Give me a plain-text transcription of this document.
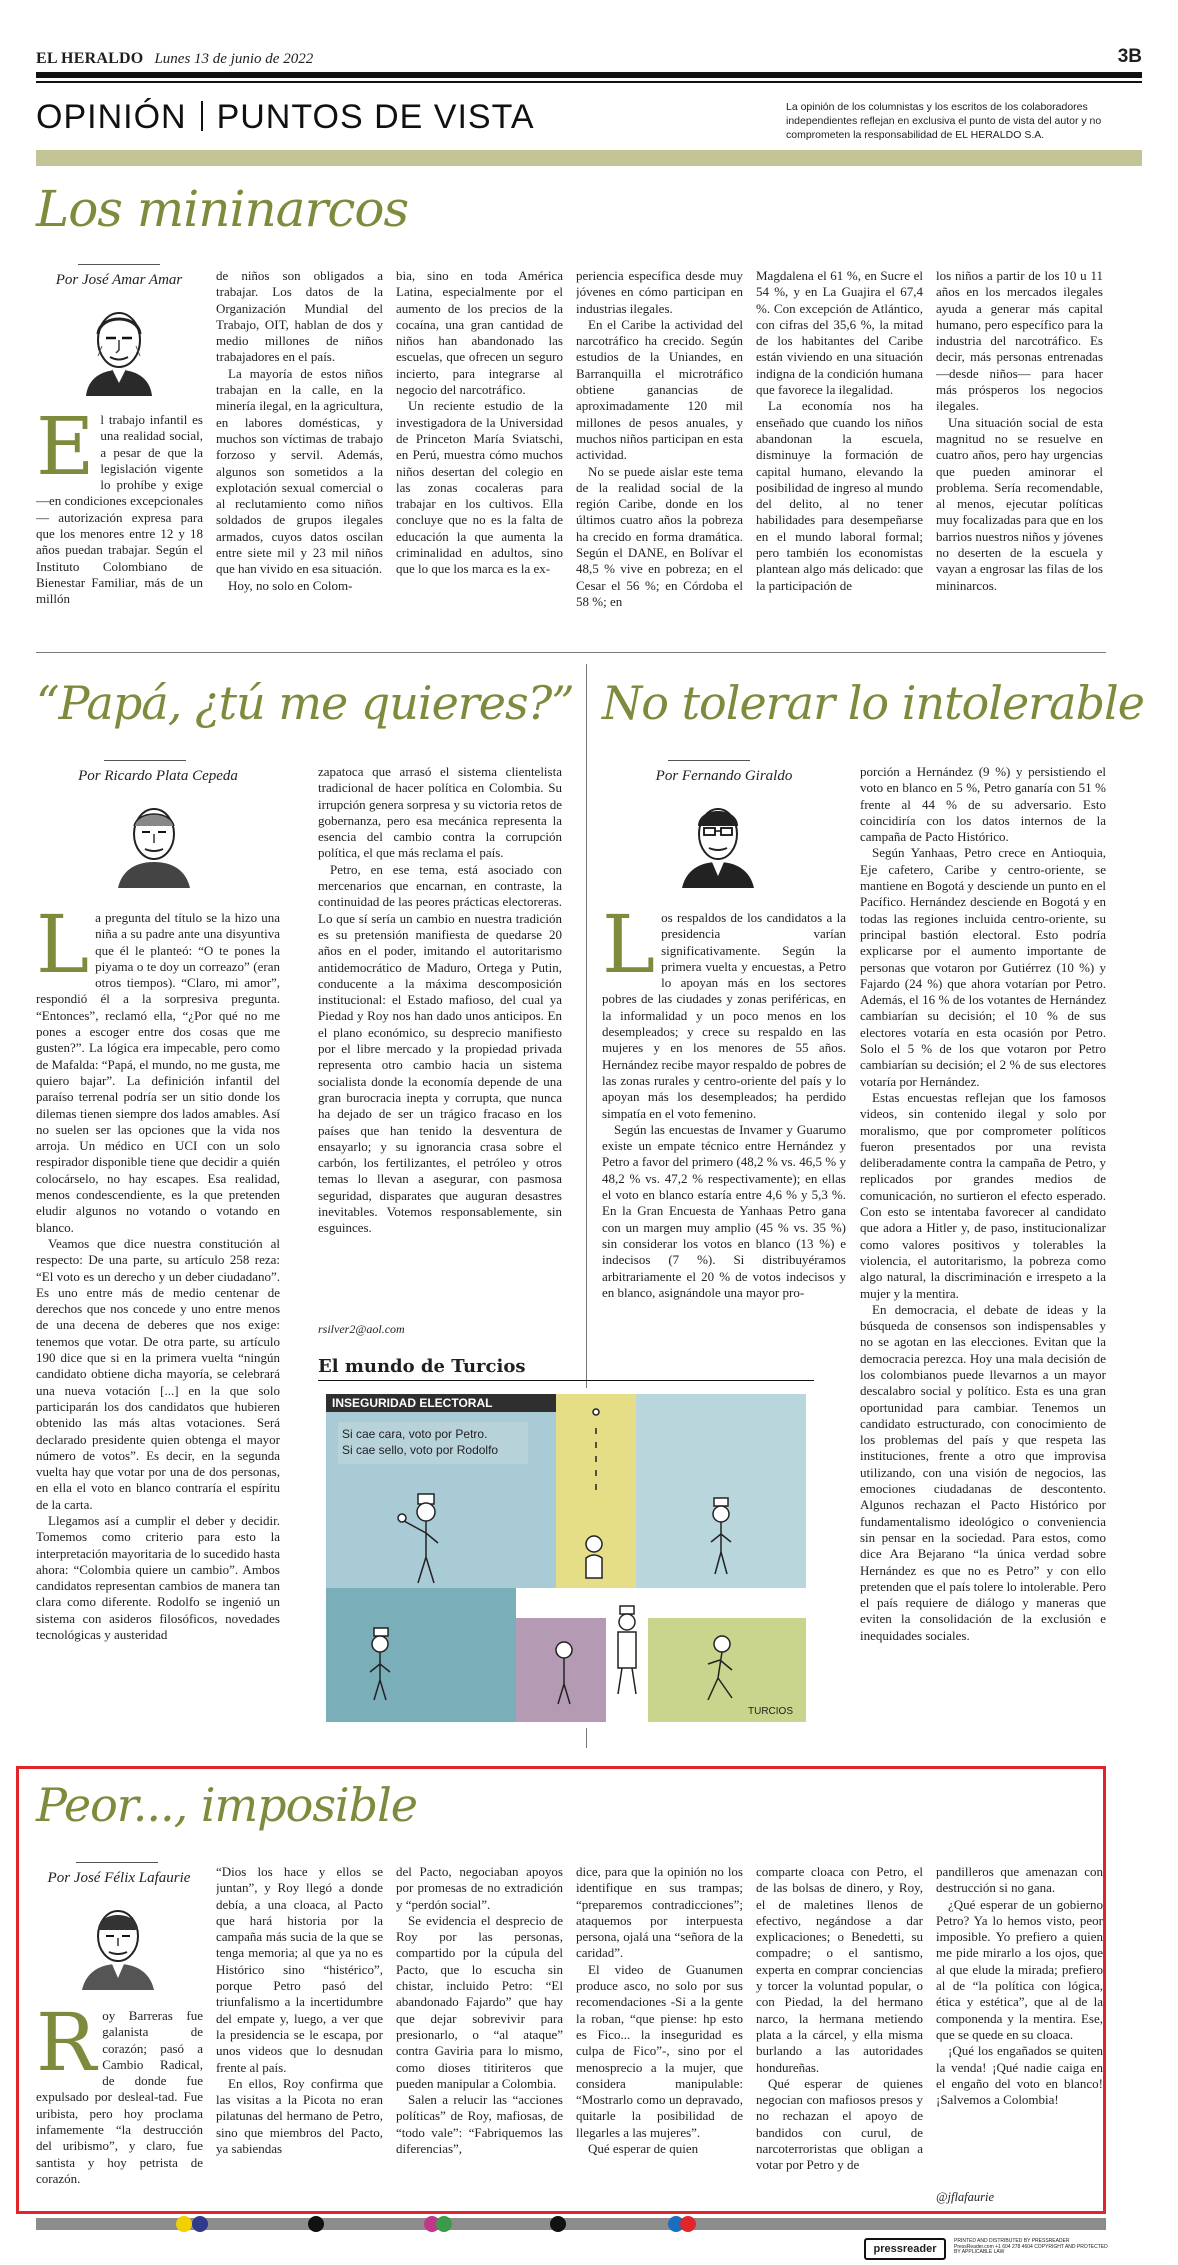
EL HERALDO Lunes 13 de junio de 2022	3B
OPINIÓN PUNTOS DE VISTA	La opinión de los columnistas y los escritos de los colaboradores independientes reflejan en exclusiva el punto de vista del autor y no comprometen la responsabilidad de EL HERALDO S.A.
Los mininarcos
Por José Amar Amar
El trabajo infantil es una realidad social, a pesar de que la legislación vigente lo prohíbe y exige —en condiciones excepcionales— autorización expresa para que los menores entre 12 y 18 años puedan trabajar. Según el Instituto Colombiano de Bienestar Familiar, más de un millón

de niños son obligados a trabajar. Los datos de la Organización Mundial del Trabajo, OIT, hablan de dos y medio millones de niños trabajadores en el país.

La mayoría de estos niños trabajan en la calle, en la minería ilegal, en la agricultura, en labores domésticas, y muchos son víctimas de trabajo forzoso y servil. Además, algunos son sometidos a la explotación sexual comercial o al reclutamiento como niños soldados de grupos ilegales armados, cuyos datos oscilan entre siete mil y 23 mil niños que han vivido en esa situación.

Hoy, no solo en Colom-

bia, sino en toda América Latina, especialmente por el aumento de los precios de la cocaína, una gran cantidad de niños han abandonado las escuelas, que ofrecen un seguro incierto, para integrarse al negocio del narcotráfico.

Un reciente estudio de la investigadora de la Universidad de Princeton María Sviatschi, en Perú, muestra cómo muchos niños desertan del colegio en las zonas cocaleras para trabajar en los cultivos. Ella concluye que no es la falta de educación la que aumenta la criminalidad en adultos, sino que lo que los marca es la ex-

periencia específica desde muy jóvenes en cómo participan en industrias ilegales.

En el Caribe la actividad del narcotráfico ha crecido. Según estudios de la Uniandes, en Barranquilla el microtráfico obtiene ganancias de aproximadamente 120 mil millones de pesos anuales, y muchos niños participan en esta actividad.

No se puede aislar este tema de la realidad social de la región Caribe, donde en los últimos cuatro años la pobreza ha crecido en forma dramática. Según el DANE, en Bolívar el 48,5 % vive en pobreza; en el Cesar el 56 %; en Córdoba el 58 %; en

Magdalena el 61 %, en Sucre el 54 %, y en La Guajira el 67,4 %. Con excepción de Atlántico, con cifras del 35,6 %, la mitad de los habitantes del Caribe están viviendo en una situación indigna de la condición humana que favorece la ilegalidad.

La economía nos ha enseñado que cuando los niños abandonan la escuela, disminuye la formación de capital humano, elevando la posibilidad de ingreso al mundo del delito, al no tener habilidades para desempeñarse en el mundo laboral formal; pero también los economistas plantean algo más delicado: que la participación de

los niños a partir de los 10 u 11 años en los mercados ilegales ayuda a generar más capital humano, pero específico para la industria del narcotráfico. Es decir, más personas entrenadas —desde niños— para hacer más prósperos los negocios ilegales.

Una situación social de esta magnitud no se resuelve en cuatro años, pero hay urgencias que pueden aminorar el problema. Sería recomendable, al menos, ejecutar políticas muy focalizadas para que en los barrios nuestros niños y jóvenes no deserten de la escuela y vayan a engrosar las filas de los mininarcos.

“Papá, ¿tú me quieres?”
Por Ricardo Plata Cepeda
La pregunta del título se la hizo una niña a su padre ante una disyuntiva que él le planteó: “O te pones la piyama o te doy un correazo” (eran otros tiempos). “Claro, mi amor”, respondió él a la sorpresiva pregunta. “Entonces”, reclamó ella, “¿Por qué no me pones a escoger entre dos cosas que me gusten?”. La lógica era impecable, pero como de Mafalda: “Papá, el mundo, no me gusta, me quiero bajar”. La definición infantil del paraíso terrenal podría ser un sitio donde los dilemas tienen siempre dos lados amables. Así no suelen ser las opciones que la vida nos arroja. Un médico en UCI con un solo respirador disponible tiene que decidir a quién colocárselo, no hay escapes. Esa realidad, menos condescendiente, es la que pretenden eludir algunos no votando o votando en blanco.

Veamos que dice nuestra constitución al respecto: De una parte, su artículo 258 reza: “El voto es un derecho y un deber ciudadano”. Es uno entre más de medio centenar de derechos que nos concede y uno entre menos de una decena de deberes que nos exige: tenemos que votar. De otra parte, su artículo 190 dice que si en la primera vuelta “ningún candidato obtiene dicha mayoría, se celebrará una nueva votación [...] en la que solo participarán los dos candidatos que hubieren obtenido las más altas votaciones. Será declarado presidente quien obtenga el mayor número de votos”. Es decir, en la segunda vuelta hay que votar por una de dos personas, en ella el voto en blanco contraría el espíritu de la carta.

Llegamos así a cumplir el deber y decidir. Tomemos como criterio para esto la interpretación mayoritaria de lo sucedido hasta ahora: “Colombia quiere un cambio”. Ambos candidatos representan cambios de manera tan clara como diferente. Rodolfo se ingenió un sistema con asideros filosóficos, novedades tecnológicas y austeridad

zapatoca que arrasó el sistema clientelista tradicional de hacer política en Colombia. Su irrupción genera sorpresa y su victoria retos de gobernanza, pero esa mecánica representa la esencia del cambio contra la corrupción política, el que más reclama el país.

Petro, en ese tema, está asociado con mercenarios que encarnan, en contraste, la continuidad de las peores prácticas electoreras. Lo que sí sería un cambio en nuestra tradición es su pretensión manifiesta de quedarse 20 años en el poder, imitando el autoritarismo antidemocrático de Maduro, Ortega y Putin, conducente a la máxima descomposición institucional: el Estado mafioso, del cual ya Piedad y Roy nos han dado unos anticipos. En el plano económico, su desprecio manifiesto por el libre mercado y la propiedad privada representa otro cambio hacia un sistema socialista donde la economía depende de una gran burocracia inepta y corrupta, que nunca ha dejado de ser un trágico fracaso en los países que han tenido la desventura de ensayarlo; y su ignorancia crasa sobre el carbón, los fertilizantes, el petróleo y otros temas lo llevan a asegurar, con pasmosa seguridad, disparates que auguran desastres inevitables. Votemos responsablemente, sin esguinces.

rsilver2@aol.com
No tolerar lo intolerable
Por Fernando Giraldo
Los respaldos de los candidatos a la presidencia varían significativamente. Según la primera vuelta y encuestas, a Petro lo apoyan más en los sectores pobres de las ciudades y zonas periféricas, en la informalidad y un poco menos en los desempleados; y crece su respaldo en las mujeres y en los menores de 55 años. Hernández recibe mayor respaldo de pobres de las zonas rurales y centro-oriente del país y lo apoyan más los desempleados; ha perdido simpatía en el voto femenino.

Según las encuestas de Invamer y Guarumo existe un empate técnico entre Hernández y Petro a favor del primero (48,2 % vs. 46,5 % y 48,2 % vs. 47,2 % respectivamente); en ellas el voto en blanco estaría entre 4,6 % y 5,3 %. En la Gran Encuesta de Yanhaas Petro gana con un margen muy amplio (45 % vs. 35 %) sin considerar los votos en blanco (13 %) e indecisos (7 %). Si distribuyéramos arbitrariamente el 20 % de votos indecisos y en blanco, asignándole una mayor pro-

porción a Hernández (9 %) y persistiendo el voto en blanco en 5 %, Petro ganaría con 51 % frente al 44 % de su adversario. Esto coincidiría con los datos internos de la campaña de Pacto Histórico.

Según Yanhaas, Petro crece en Antioquia, Eje cafetero, Caribe y centro-oriente, se mantiene en Bogotá y desciende un punto en el Pacífico. Hernández desciende en Bogotá y en todas las regiones incluida centro-oriente, su principal bastión electoral. Esto podría explicarse por el aumento importante de personas que votaron por Gutiérrez (10 %) y Fajardo (24 %) que ahora votarían por Petro. Además, el 16 % de los votantes de Hernández cambiarían su decisión; el 10 % de sus electores votaría en esta ocasión por Petro. Solo el 5 % de los que votaron por Petro cambiarían su decisión; el 2 % de sus electores votaría por Hernández.

Estas encuestas reflejan que los famosos videos, sin contenido ilegal y solo por moralismo, que por comprometer políticos fueron presentados por una revista deliberadamente contra la campaña de Petro, y replicados por grandes medios de comunicación, no surtieron el efecto esperado. Con esto se intentaba favorecer al candidato que adora a Hitler y, de paso, institucionalizar como valores positivos y tolerables la violencia, el autoritarismo, la pobreza como algo natural, la discriminación e irrespeto a la mujer y la mentira.

En democracia, el debate de ideas y la búsqueda de consensos son indispensables y no se agotan en las elecciones. Evitan que la democracia perezca. Hoy una mala decisión de los colombianos puede llevarnos a un mayor descalabro social y político. Esta es una gran oportunidad para cambiar. Tenemos un candidato estructurado, con conocimiento de los problemas del país y que respeta las instituciones, frente a otro que improvisa utilizando, con una visión de negocios, las emociones ciudadanas de descontento. Algunos rechazan el Pacto Histórico por fundamentalismo ideológico o conveniencia sin pensar en la sociedad. Para estos, como dice Ara Bejarano “la única verdad sobre Hernández es que no es Petro” y con ello pretenden que el país tolere lo intolerable. Pero el país requiere de diálogo y maneras que eviten la consolidación de la exclusión e inequidades sociales.

El mundo de Turcios
INSEGURIDAD ELECTORAL
Si cae cara, voto por Petro.
Si cae sello, voto por Rodolfo
TURCIOS
Peor..., imposible
Por José Félix Lafaurie
Roy Barreras fue galanista de corazón; pasó a Cambio Radical, de donde fue expulsado por desleal-tad. Fue uribista, pero hoy proclama infamemente “la destrucción del uribismo”, y claro, fue santista y hoy petrista de corazón.

“Dios los hace y ellos se juntan”, y Roy llegó a donde debía, a una cloaca, al Pacto que hará historia por la campaña más sucia de la que se tenga memoria; al que ya no es Histórico sino “histérico”, porque Petro pasó del triunfalismo a la incertidumbre del empate y, luego, a ver que la presidencia se le escapa, por unos videos que lo desnudan frente al país.

En ellos, Roy confirma que las visitas a la Picota no eran pilatunas del hermano de Petro, sino que miembros del Pacto, ya sabiendas

del Pacto, negociaban apoyos por promesas de no extradición y “perdón social”.

Se evidencia el desprecio de Roy por las personas, compartido por la cúpula del Pacto, que lo escucha sin chistar, incluido Petro: “El abandonado Fajardo” que hay que dejar sobrevivir para presionarlo, o “al ataque” contra Gaviria para lo mismo, como dioses titiriteros que pueden manipular a Colombia.

Salen a relucir las “acciones políticas” de Roy, mafiosas, de “todo vale”: “Fabriquemos las diferencias”,

dice, para que la opinión no los identifique en sus trampas; “preparemos contradicciones”; ataquemos por interpuesta persona, ojalá una “señora de la caridad”.

El video de Guanumen produce asco, no solo por sus recomendaciones -Si a la gente la roban, “que piense: hp esto es Fico... la inseguridad es culpa de Fico”-, sino por el menosprecio a la mujer, que considera manipulable: “Mostrarlo como un depravado, quitarle la posibilidad de llegarles a las mujeres”.

Qué esperar de quien

comparte cloaca con Petro, el de las bolsas de dinero, y Roy, el de maletines llenos de efectivo, negándose a dar explicaciones; o Benedetti, su compadre; o el santismo, experta en comprar conciencias y torcer la voluntad popular, o con Piedad, la del hermano narco, la hermana metiendo plata a la cárcel, y ella misma burlando a las autoridades hondureñas.

Qué esperar de quienes negocian con mafiosos presos y no rechazan el apoyo de bandidos con curul, de narcoterroristas que obligan a votar por Petro y de

pandilleros que amenazan con destrucción si no gana.

¿Qué esperar de un gobierno Petro? Ya lo hemos visto, peor imposible. Yo prefiero a quien me pide mirarlo a los ojos, que al que elude la mirada; prefiero al de “la política con lógica, ética y estética”, que al de la componenda y la mentira. Ese, que se quede en su cloaca.

¡Qué los engañados se quiten la venda! ¡Qué nadie caiga en el engaño del voto en blanco! ¡Salvemos a Colombia!

@jflafaurie
pressreader
PRINTED AND DISTRIBUTED BY PRESSREADER PressReader.com +1 604 278 4604 COPYRIGHT AND PROTECTED BY APPLICABLE LAW
